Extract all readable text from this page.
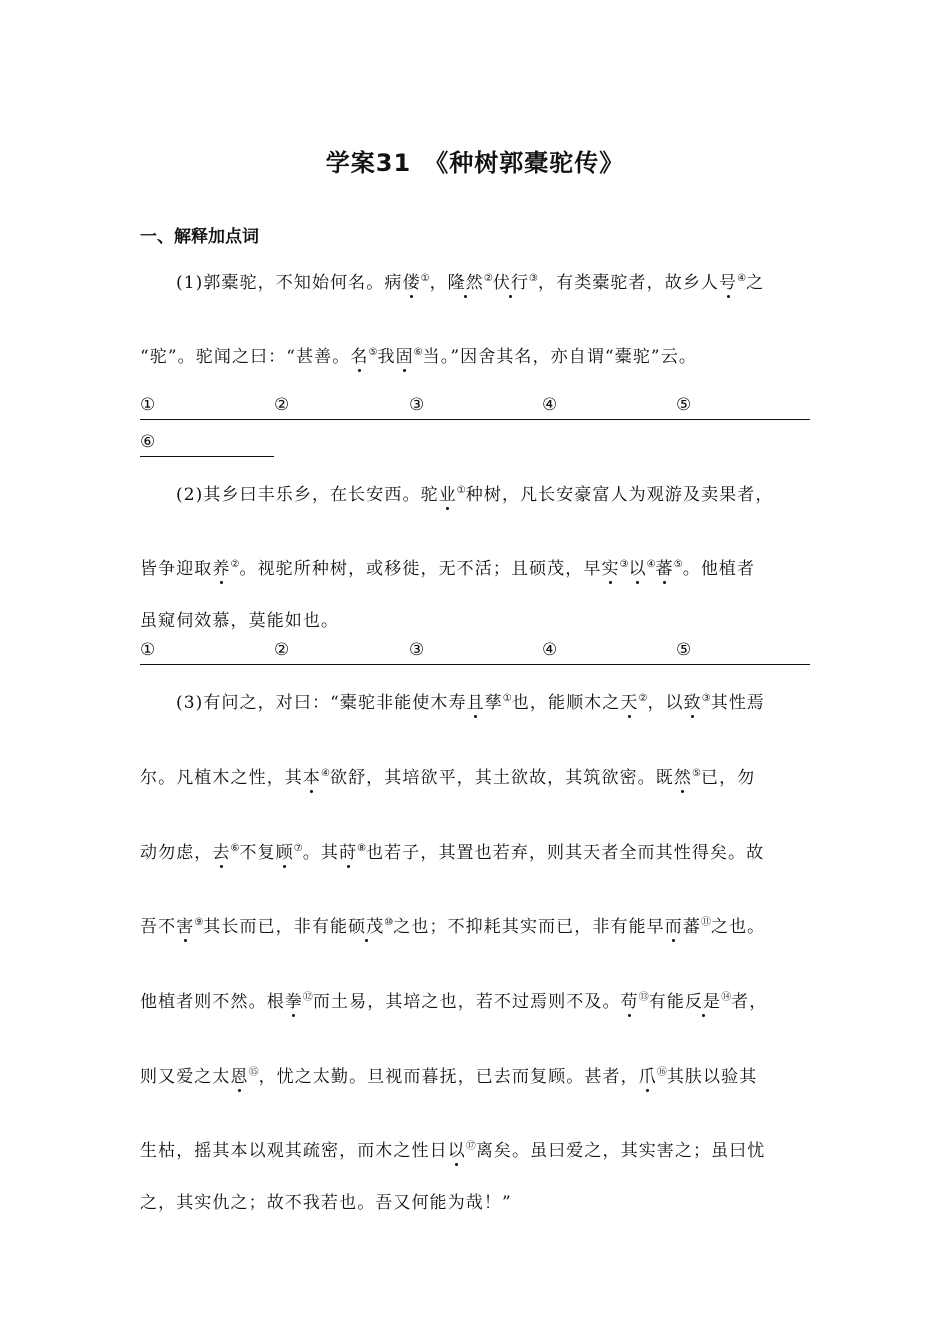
学案31　《种树郭橐驼传》
一、解释加点词
(1)郭橐驼，不知始何名。病偻①，隆然②伏行③，有类橐驼者，故乡人号④之
“驼”。驼闻之曰：“甚善。名⑤我固⑥当。”因舍其名，亦自谓“橐驼”云。
①	②	③	④	⑤
⑥
(2)其乡曰丰乐乡，在长安西。驼业①种树，凡长安豪富人为观游及卖果者，
皆争迎取养②。视驼所种树，或移徙，无不活；且硕茂，早实③以④蕃⑤。他植者
虽窥伺效慕，莫能如也。
①	②	③	④	⑤
(3)有问之，对曰：“橐驼非能使木寿且孳①也，能顺木之天②，以致③其性焉
尔。凡植木之性，其本④欲舒，其培欲平，其土欲故，其筑欲密。既然⑤已，勿
动勿虑，去⑥不复顾⑦。其莳⑧也若子，其置也若弃，则其天者全而其性得矣。故
吾不害⑨其长而已，非有能硕茂⑩之也；不抑耗其实而已，非有能早而蕃⑪之也。
他植者则不然。根拳⑫而土易，其培之也，若不过焉则不及。苟⑬有能反是⑭者，
则又爱之太恩⑮，忧之太勤。旦视而暮抚，已去而复顾。甚者，爪⑯其肤以验其
生枯，摇其本以观其疏密，而木之性日以⑰离矣。虽曰爱之，其实害之；虽曰忧
之，其实仇之；故不我若也。吾又何能为哉！”
